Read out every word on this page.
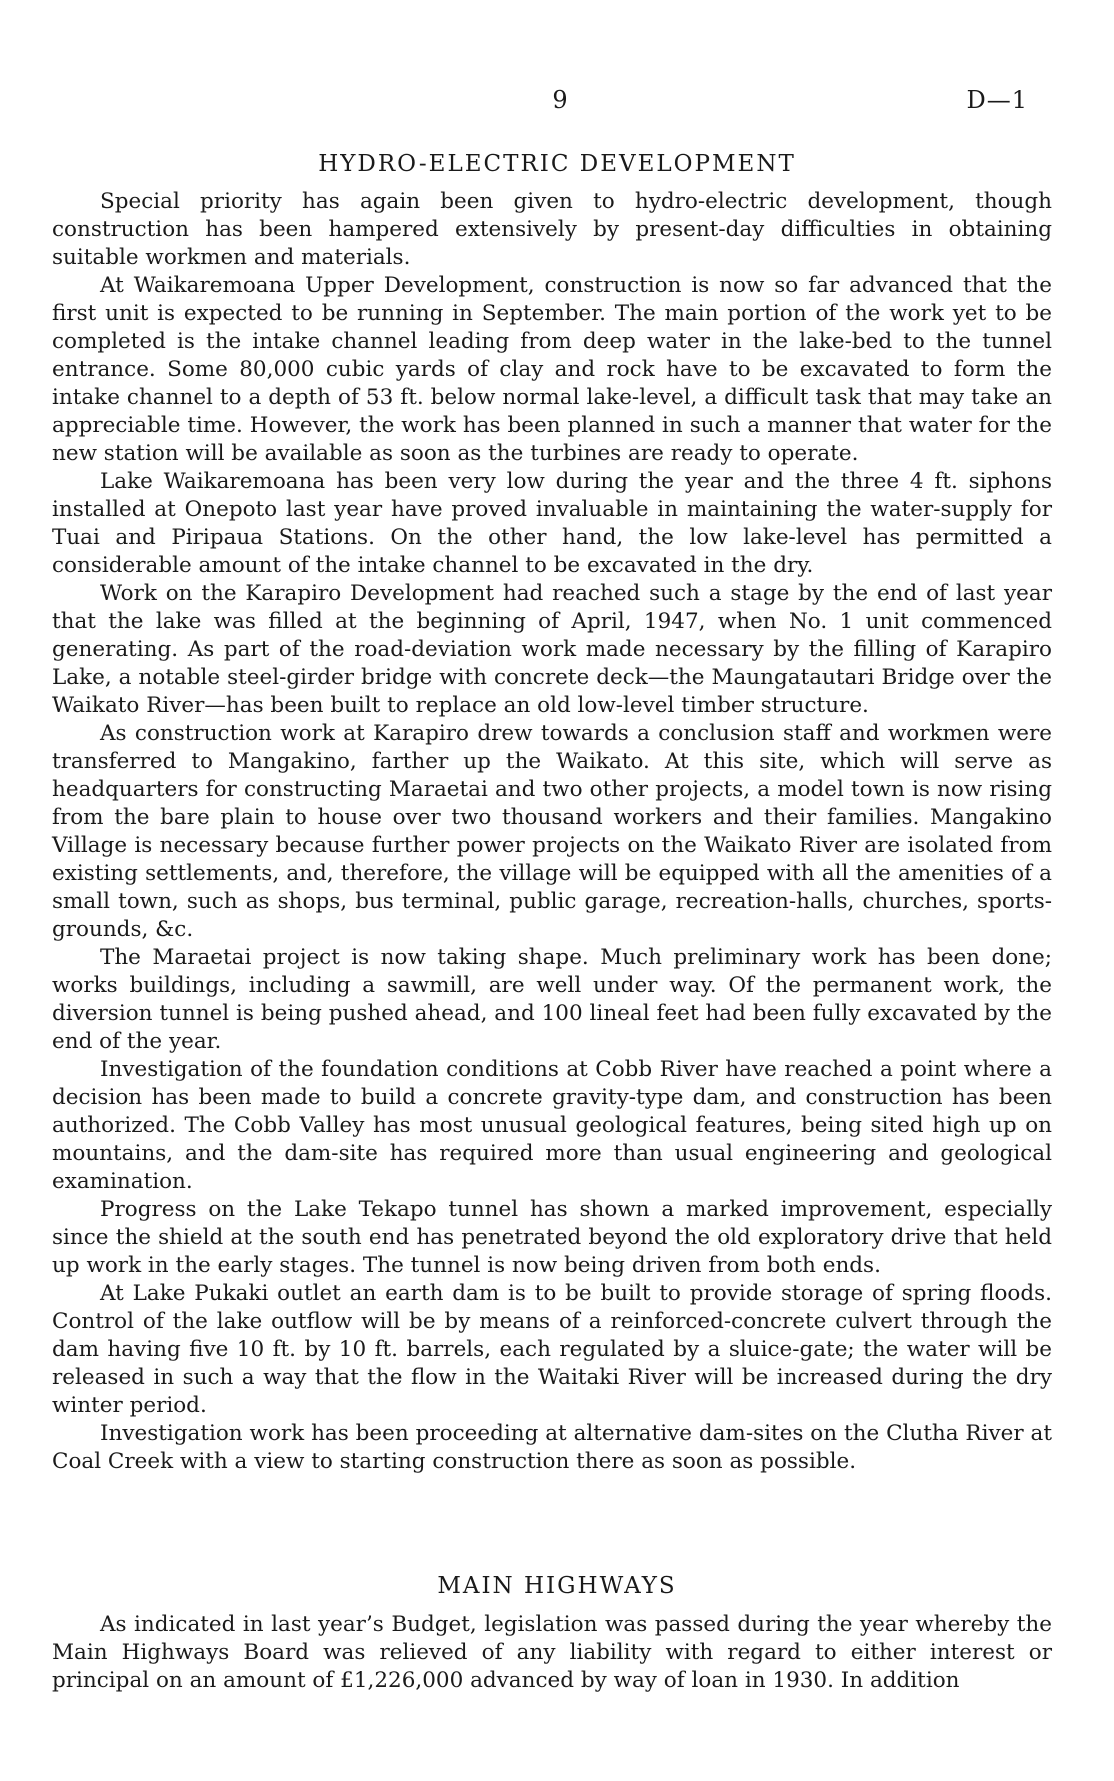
9	D—1
HYDRO-ELECTRIC DEVELOPMENT

Special priority has again been given to hydro-electric development, though construction has been hampered extensively by present-day difficulties in obtaining suitable workmen and materials.

At Waikaremoana Upper Development, construction is now so far advanced that the first unit is expected to be running in September. The main portion of the work yet to be completed is the intake channel leading from deep water in the lake-bed to the tunnel entrance. Some 80,000 cubic yards of clay and rock have to be excavated to form the intake channel to a depth of 53 ft. below normal lake-level, a difficult task that may take an appreciable time. However, the work has been planned in such a manner that water for the new station will be available as soon as the turbines are ready to operate.

Lake Waikaremoana has been very low during the year and the three 4 ft. siphons installed at Onepoto last year have proved invaluable in maintaining the water-supply for Tuai and Piripaua Stations. On the other hand, the low lake-level has permitted a considerable amount of the intake channel to be excavated in the dry.

Work on the Karapiro Development had reached such a stage by the end of last year that the lake was filled at the beginning of April, 1947, when No. 1 unit commenced generating. As part of the road-deviation work made necessary by the filling of Karapiro Lake, a notable steel-girder bridge with concrete deck—the Maungatautari Bridge over the Waikato River—has been built to replace an old low-level timber structure.

As construction work at Karapiro drew towards a conclusion staff and workmen were transferred to Mangakino, farther up the Waikato. At this site, which will serve as headquarters for constructing Maraetai and two other projects, a model town is now rising from the bare plain to house over two thousand workers and their families. Mangakino Village is necessary because further power projects on the Waikato River are isolated from existing settlements, and, therefore, the village will be equipped with all the amenities of a small town, such as shops, bus terminal, public garage, recreation-halls, churches, sports-grounds, &c.

The Maraetai project is now taking shape. Much preliminary work has been done; works buildings, including a sawmill, are well under way. Of the permanent work, the diversion tunnel is being pushed ahead, and 100 lineal feet had been fully excavated by the end of the year.

Investigation of the foundation conditions at Cobb River have reached a point where a decision has been made to build a concrete gravity-type dam, and construction has been authorized. The Cobb Valley has most unusual geological features, being sited high up on mountains, and the dam-site has required more than usual engineering and geological examination.

Progress on the Lake Tekapo tunnel has shown a marked improvement, especially since the shield at the south end has penetrated beyond the old exploratory drive that held up work in the early stages. The tunnel is now being driven from both ends.

At Lake Pukaki outlet an earth dam is to be built to provide storage of spring floods. Control of the lake outflow will be by means of a reinforced-concrete culvert through the dam having five 10 ft. by 10 ft. barrels, each regulated by a sluice-gate; the water will be released in such a way that the flow in the Waitaki River will be increased during the dry winter period.

Investigation work has been proceeding at alternative dam-sites on the Clutha River at Coal Creek with a view to starting construction there as soon as possible.

MAIN HIGHWAYS

As indicated in last year’s Budget, legislation was passed during the year whereby the Main Highways Board was relieved of any liability with regard to either interest or principal on an amount of £1,226,000 advanced by way of loan in 1930. In addition
